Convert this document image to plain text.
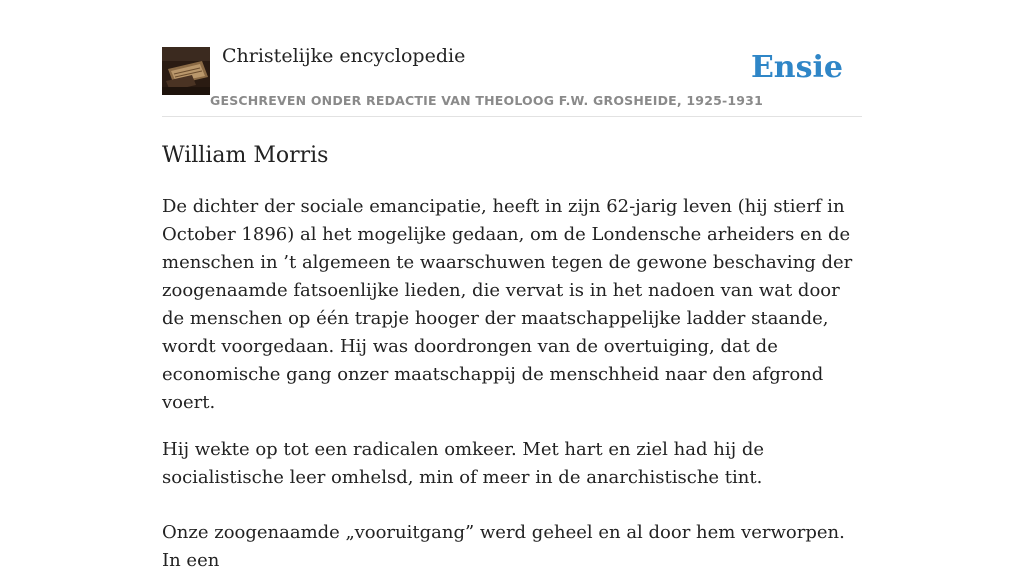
Christelijke encyclopedie
GESCHREVEN ONDER REDACTIE VAN THEOLOOG F.W. GROSHEIDE, 1925-1931
Ensie
William Morris

De dichter der sociale emancipatie, heeft in zijn 62-jarig leven (hij stierf in October 1896) al het mogelijke gedaan, om de Londensche arheiders en de menschen in ’t algemeen te waarschuwen tegen de gewone beschaving der zoogenaamde fatsoenlijke lieden, die vervat is in het nadoen van wat door de menschen op één trapje hooger der maatschappelijke ladder staande, wordt voorgedaan. Hij was doordrongen van de overtuiging, dat de economische gang onzer maatschappij de menschheid naar den afgrond voert.

Hij wekte op tot een radicalen omkeer. Met hart en ziel had hij de socialistische leer omhelsd, min of meer in de anarchistische tint.

Onze zoogenaamde „vooruitgang” werd geheel en al door hem verworpen. In een
